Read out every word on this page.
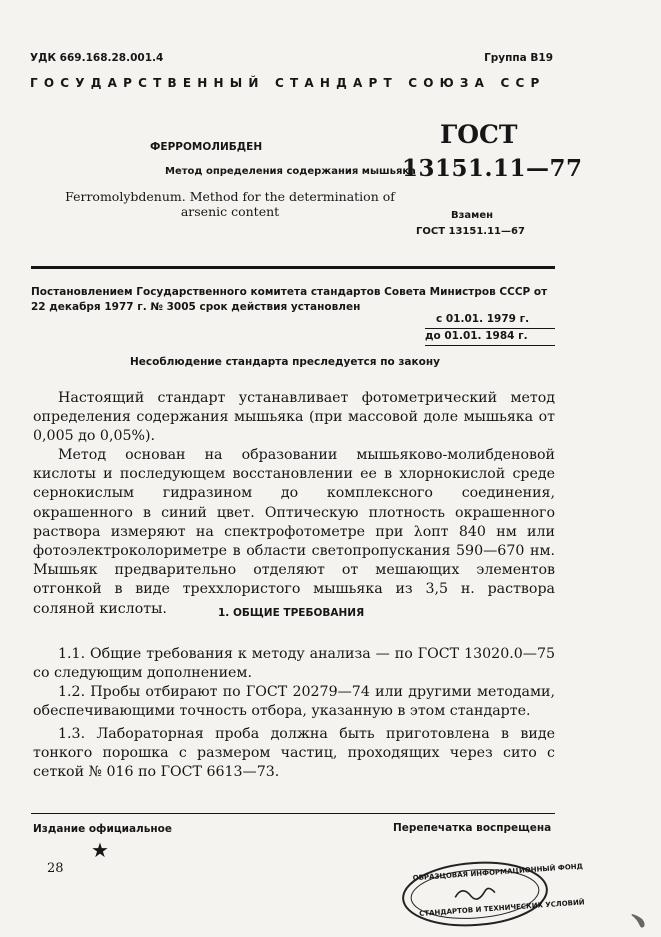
УДК 669.168.28.001.4	Группа В19
ГОСУДАРСТВЕННЫЙ СТАНДАРТ СОЮЗА ССР
ФЕРРОМОЛИБДЕН
Метод определения содержания мышьяка
Ferromolybdenum. Method for the determination of arsenic content
ГОСТ
13151.11—77
Взамен
ГОСТ 13151.11—67
Постановлением Государственного комитета стандартов Совета Министров СССР от 22 декабря 1977 г. № 3005 срок действия установлен
с 01.01. 1979 г.
до 01.01. 1984 г.
Несоблюдение стандарта преследуется по закону
Настоящий стандарт устанавливает фотометрический метод определения содержания мышьяка (при массовой доле мышьяка от 0,005 до 0,05%).
Метод основан на образовании мышьяково-молибденовой кислоты и последующем восстановлении ее в хлорнокислой среде сернокислым гидразином до комплексного соединения, окрашенного в синий цвет. Оптическую плотность окрашенного раствора измеряют на спектрофотометре при λопт 840 нм или фотоэлектроколориметре в области светопропускания 590—670 нм. Мышьяк предварительно отделяют от мешающих элементов отгонкой в виде треххлористого мышьяка из 3,5 н. раствора соляной кислоты.	1. ОБЩИЕ ТРЕБОВАНИЯ
1.1. Общие требования к методу анализа — по ГОСТ 13020.0—75 со следующим дополнением.
1.2. Пробы отбирают по ГОСТ 20279—74 или другими методами, обеспечивающими точность отбора, указанную в этом стандарте.
1.3. Лабораторная проба должна быть приготовлена в виде тонкого порошка с размером частиц, проходящих через сито с сеткой № 016 по ГОСТ 6613—73.
Издание официальное	Перепечатка воспрещена
★
28	ОБРАЗЦОВАЯ ИНФОРМАЦИОННЫЙ ФОНД
СТАНДАРТОВ И ТЕХНИЧЕСКИХ УСЛОВИЙ
﹅
